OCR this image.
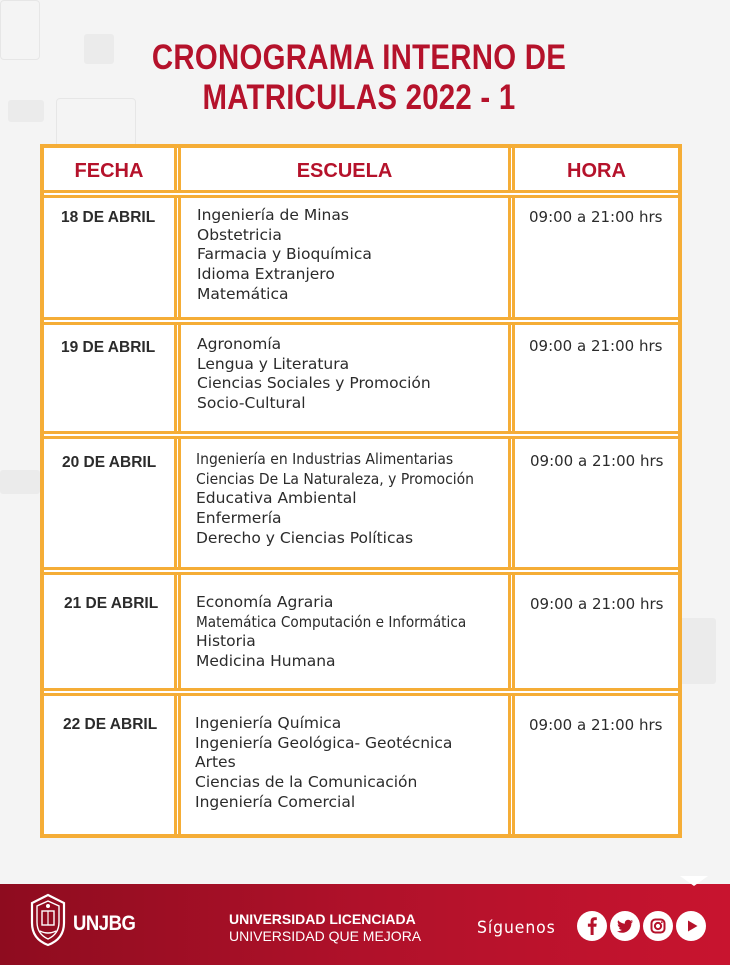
CRONOGRAMA INTERNO DE
MATRICULAS 2022 - 1
FECHA	ESCUELA	HORA
18 DE ABRIL	Ingeniería de Minas
Obstetricia
Farmacia y Bioquímica
Idioma Extranjero
Matemática
09:00 a 21:00 hrs
19 DE ABRIL	Agronomía
Lengua y Literatura
Ciencias Sociales y Promoción
Socio-Cultural
09:00 a 21:00 hrs
20 DE ABRIL	Ingeniería en Industrias Alimentarias
Ciencias De La Naturaleza, y Promoción
Educativa Ambiental
Enfermería
Derecho y Ciencias Políticas
09:00 a 21:00 hrs
21 DE ABRIL Economía Agraria
Matemática Computación e Informática
Historia
Medicina Humana
09:00 a 21:00 hrs
22 DE ABRIL Ingeniería Química
Ingeniería Geológica- Geotécnica
Artes
Ciencias de la Comunicación
Ingeniería Comercial
09:00 a 21:00 hrs
UNJBG	UNIVERSIDAD LICENCIADA
UNIVERSIDAD QUE MEJORA	Síguenos
